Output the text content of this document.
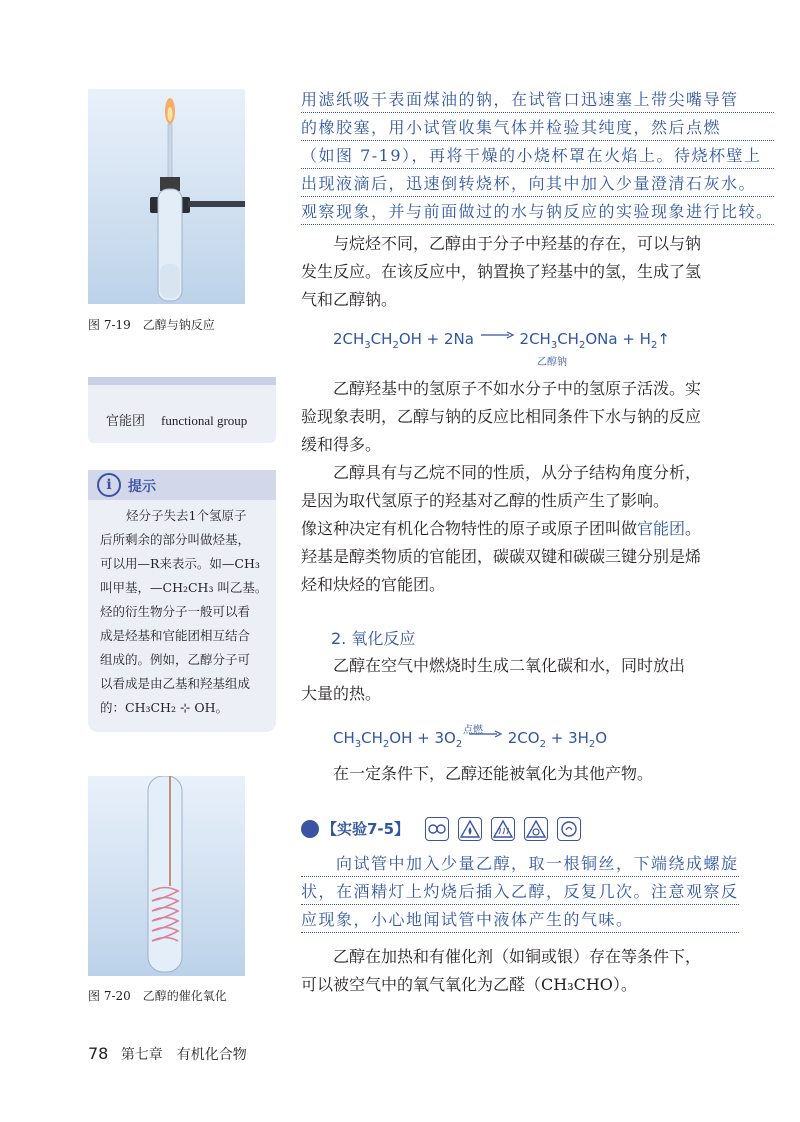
图 7-19　乙醇与钠反应
官能团 functional group
i	提示
烃分子失去1个氢原子
后所剩余的部分叫做烃基，
可以用—R来表示。如—CH₃
叫甲基，—CH₂CH₃ 叫乙基。
烃的衍生物分子一般可以看
成是烃基和官能团相互结合
组成的。例如，乙醇分子可
以看成是由乙基和羟基组成
的：CH₃CH₂ ⊹ OH。
图 7-20　乙醇的催化氧化
用滤纸吸干表面煤油的钠，在试管口迅速塞上带尖嘴导管
的橡胶塞，用小试管收集气体并检验其纯度，然后点燃
（如图 7-19），再将干燥的小烧杯罩在火焰上。待烧杯壁上
出现液滴后，迅速倒转烧杯，向其中加入少量澄清石灰水。
观察现象，并与前面做过的水与钠反应的实验现象进行比较。
　　与烷烃不同，乙醇由于分子中羟基的存在，可以与钠
发生反应。在该反应中，钠置换了羟基中的氢，生成了氢
气和乙醇钠。
$2CH_3CH_2OH + 2Na \to 2CH_3CH_2ONa$ + $H_2↑$
乙醇钠
　　乙醇羟基中的氢原子不如水分子中的氢原子活泼。实
验现象表明，乙醇与钠的反应比相同条件下水与钠的反应
缓和得多。
　　乙醇具有与乙烷不同的性质，从分子结构角度分析，
是因为取代氢原子的羟基对乙醇的性质产生了影响。
像这种决定有机化合物特性的原子或原子团叫做官能团。
羟基是醇类物质的官能团，碳碳双键和碳碳三键分别是烯
烃和炔烃的官能团。
2. 氧化反应
　　乙醇在空气中燃烧时生成二氧化碳和水，同时放出
大量的热。
点燃
$CH_3CH_2OH + 3O_2 \to 2CO_2 + 3H_2O$
　　在一定条件下，乙醇还能被氧化为其他产物。
【实验7-5】

　　向试管中加入少量乙醇，取一根铜丝，下端绕成螺旋
状，在酒精灯上灼烧后插入乙醇，反复几次。注意观察反
应现象，小心地闻试管中液体产生的气味。
　　乙醇在加热和有催化剂（如铜或银）存在等条件下，
可以被空气中的氧气氧化为乙醛（CH₃CHO）。
78 第七章　有机化合物
